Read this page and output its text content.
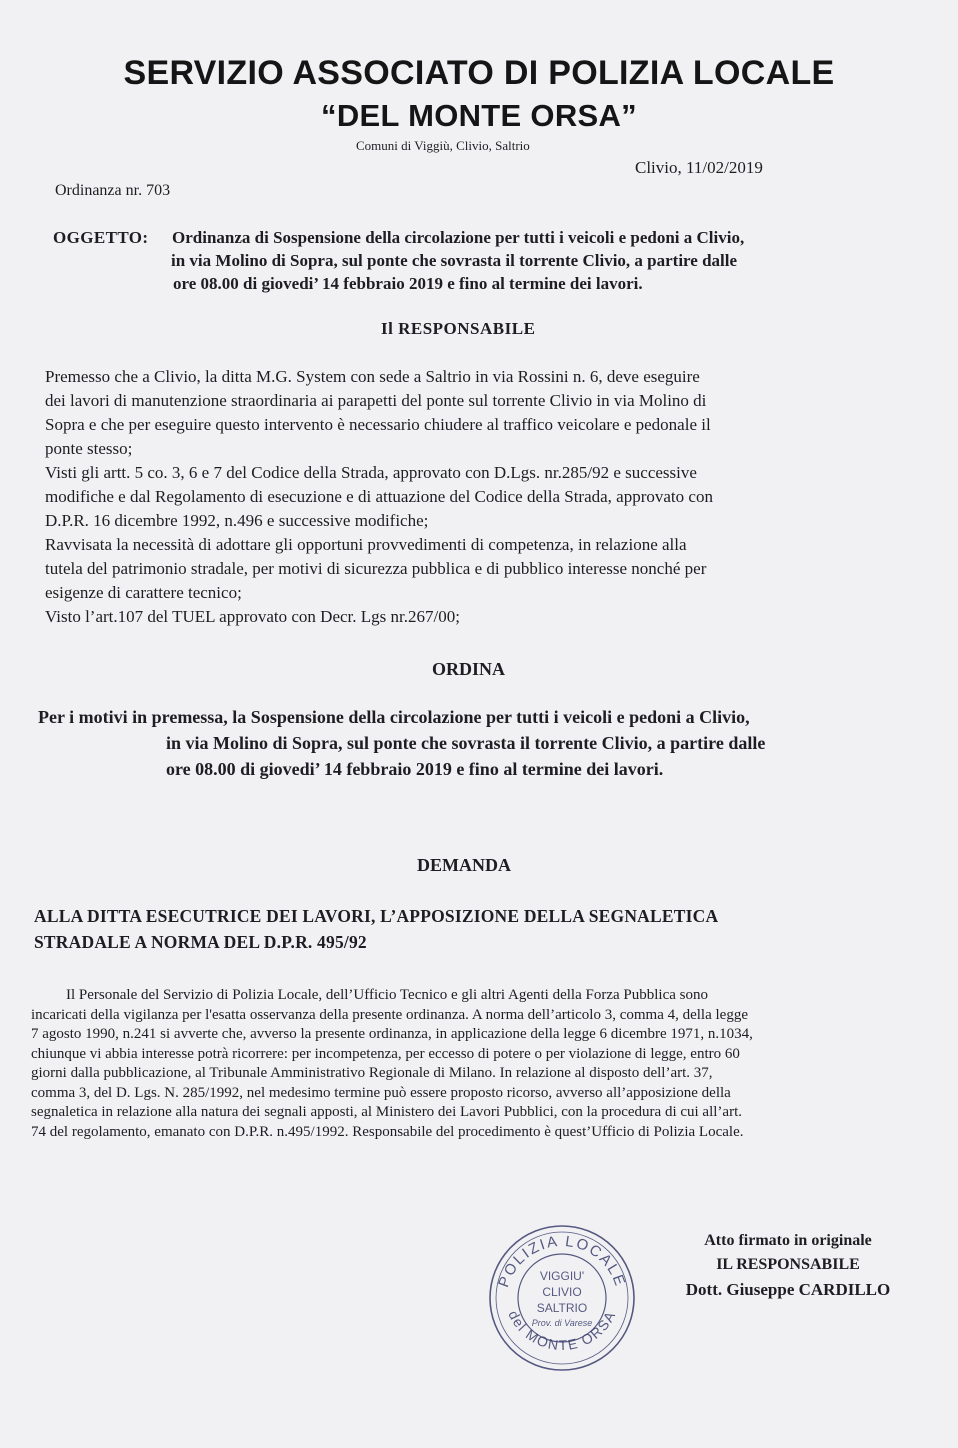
SERVIZIO ASSOCIATO DI POLIZIA LOCALE
“DEL MONTE ORSA”
Comuni di Viggiù, Clivio, Saltrio
Clivio, 11/02/2019
Ordinanza nr. 703
OGGETTO: Ordinanza di Sospensione della circolazione per tutti i veicoli e pedoni a Clivio,
in via Molino di Sopra, sul ponte che sovrasta il torrente Clivio, a partire dalle
ore 08.00 di giovedi’ 14 febbraio 2019 e fino al termine dei lavori.
Il RESPONSABILE
Premesso che a Clivio, la ditta M.G. System con sede a Saltrio in via Rossini n. 6, deve eseguire
dei lavori di manutenzione straordinaria ai parapetti del ponte sul torrente Clivio in via Molino di
Sopra e che per eseguire questo intervento è necessario chiudere al traffico veicolare e pedonale il
ponte stesso;
Visti gli artt. 5 co. 3, 6 e 7 del Codice della Strada, approvato con D.Lgs. nr.285/92 e successive
modifiche e dal Regolamento di esecuzione e di attuazione del Codice della Strada, approvato con
D.P.R. 16 dicembre 1992, n.496 e successive modifiche;
Ravvisata la necessità di adottare gli opportuni provvedimenti di competenza, in relazione alla
tutela del patrimonio stradale, per motivi di sicurezza pubblica e di pubblico interesse nonché per
esigenze di carattere tecnico;
Visto l’art.107 del TUEL approvato con Decr. Lgs nr.267/00;
ORDINA
Per i motivi in premessa, la Sospensione della circolazione per tutti i veicoli e pedoni a Clivio,
in via Molino di Sopra, sul ponte che sovrasta il torrente Clivio, a partire dalle
ore 08.00 di giovedi’ 14 febbraio 2019 e fino al termine dei lavori.
DEMANDA
ALLA DITTA ESECUTRICE DEI LAVORI, L’APPOSIZIONE DELLA SEGNALETICA
STRADALE A NORMA DEL D.P.R. 495/92
Il Personale del Servizio di Polizia Locale, dell’Ufficio Tecnico e gli altri Agenti della Forza Pubblica sono
incaricati della vigilanza per l'esatta osservanza della presente ordinanza. A norma dell’articolo 3, comma 4, della legge
7 agosto 1990, n.241 si avverte che, avverso la presente ordinanza, in applicazione della legge 6 dicembre 1971, n.1034,
chiunque vi abbia interesse potrà ricorrere: per incompetenza, per eccesso di potere o per violazione di legge, entro 60
giorni dalla pubblicazione, al Tribunale Amministrativo Regionale di Milano. In relazione al disposto dell’art. 37,
comma 3, del D. Lgs. N. 285/1992, nel medesimo termine può essere proposto ricorso, avverso all’apposizione della
segnaletica in relazione alla natura dei segnali apposti, al Ministero dei Lavori Pubblici, con la procedura di cui all’art.
74 del regolamento, emanato con D.P.R. n.495/1992. Responsabile del procedimento è quest’Ufficio di Polizia Locale.
POLIZIA LOCALE
del MONTE ORSA
VIGGIU'
CLIVIO
SALTRIO
Prov. di Varese
Atto firmato in originale
IL RESPONSABILE
Dott. Giuseppe CARDILLO
